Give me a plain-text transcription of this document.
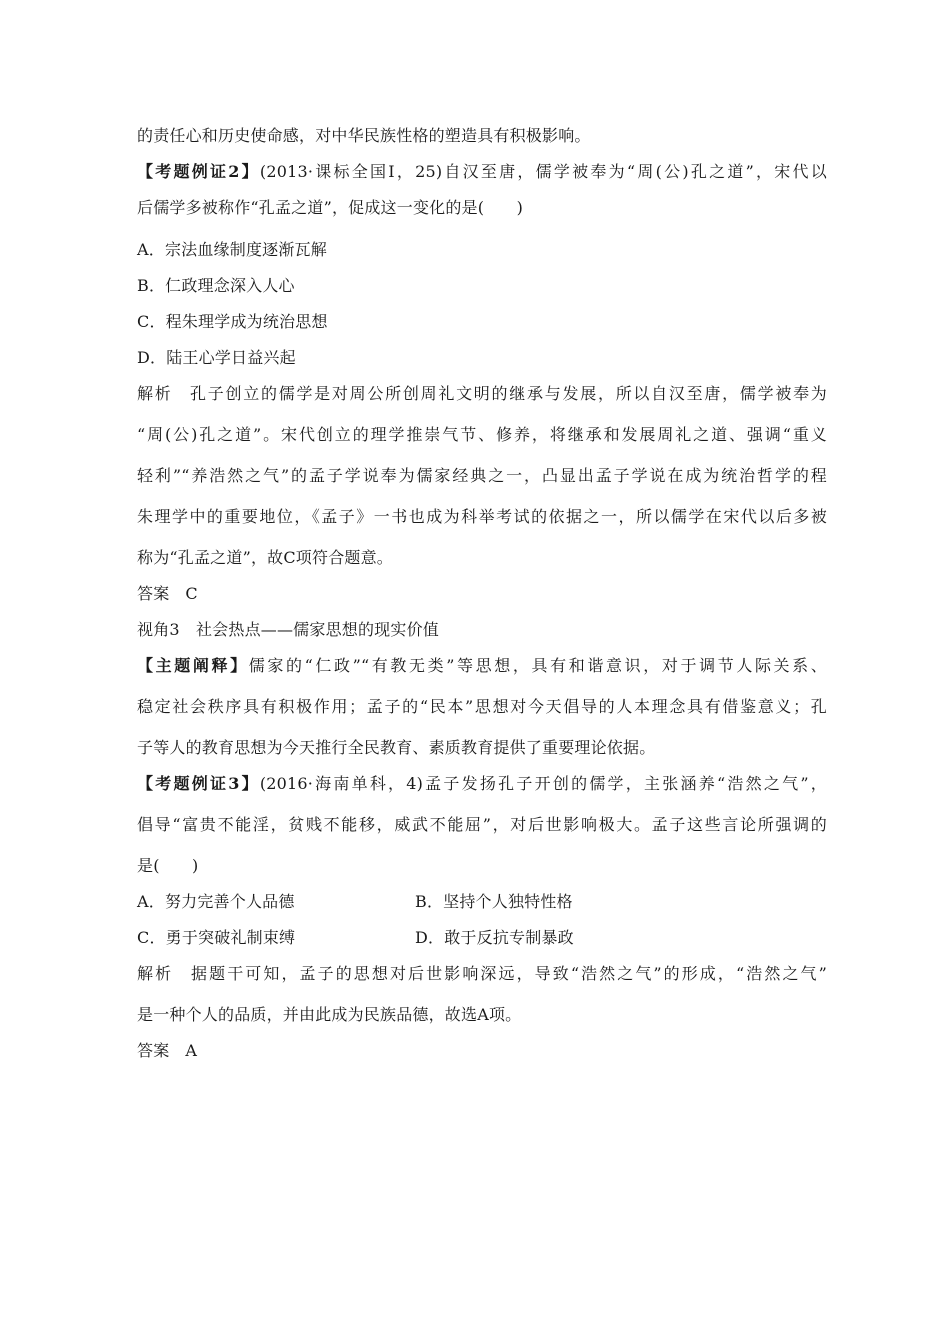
的责任心和历史使命感，对中华民族性格的塑造具有积极影响。
【考题例证2】(2013·课标全国Ⅰ，25)自汉至唐，儒学被奉为“周(公)孔之道”，宋代以
后儒学多被称作“孔孟之道”，促成这一变化的是(　　)
A．宗法血缘制度逐渐瓦解
B．仁政理念深入人心
C．程朱理学成为统治思想
D．陆王心学日益兴起
解析 孔子创立的儒学是对周公所创周礼文明的继承与发展，所以自汉至唐，儒学被奉为
“周(公)孔之道”。宋代创立的理学推崇气节、修养，将继承和发展周礼之道、强调“重义
轻利”“养浩然之气”的孟子学说奉为儒家经典之一，凸显出孟子学说在成为统治哲学的程
朱理学中的重要地位，《孟子》一书也成为科举考试的依据之一，所以儒学在宋代以后多被
称为“孔孟之道”，故C项符合题意。
答案 C
视角3　社会热点——儒家思想的现实价值
【主题阐释】儒家的“仁政”“有教无类”等思想，具有和谐意识，对于调节人际关系、
稳定社会秩序具有积极作用；孟子的“民本”思想对今天倡导的人本理念具有借鉴意义；孔
子等人的教育思想为今天推行全民教育、素质教育提供了重要理论依据。
【考题例证3】(2016·海南单科，4)孟子发扬孔子开创的儒学，主张涵养“浩然之气”，
倡导“富贵不能淫，贫贱不能移，威武不能屈”，对后世影响极大。孟子这些言论所强调的
是(　　)
A．努力完善个人品德	B．坚持个人独特性格
C．勇于突破礼制束缚	D．敢于反抗专制暴政
解析 据题干可知，孟子的思想对后世影响深远，导致“浩然之气”的形成，“浩然之气”
是一种个人的品质，并由此成为民族品德，故选A项。
答案 A
